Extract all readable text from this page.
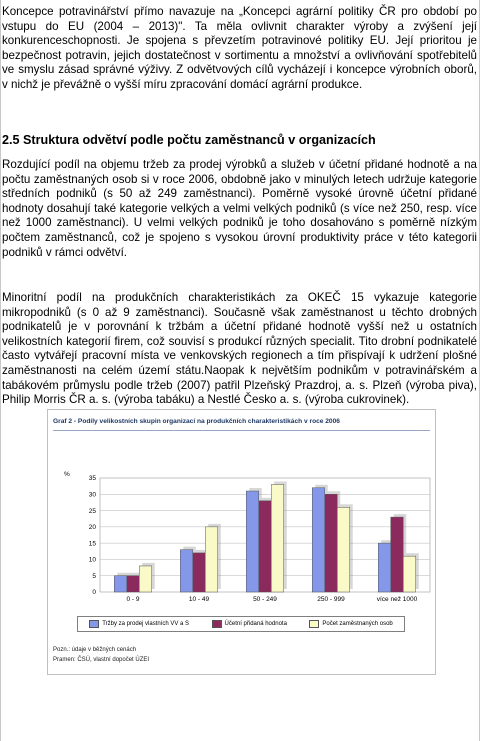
Koncepce potravinářství přímo navazuje na „Koncepci agrární politiky ČR pro období po vstupu do EU (2004 – 2013)". Ta měla ovlivnit charakter výroby a zvýšení její konkurenceschopnosti. Je spojena s převzetím potravinové politiky EU. Její prioritou je bezpečnost potravin, jejich dostatečnost v sortimentu a množství a ovlivňování spotřebitelů ve smyslu zásad správné výživy. Z odvětvových cílů vycházejí i koncepce výrobních oborů, v nichž je převážně o vyšší míru zpracování domácí agrární produkce.

2.5 Struktura odvětví podle počtu zaměstnanců v organizacích

Rozdující podíl na objemu tržeb za prodej výrobků a služeb v účetní přidané hodnotě a na počtu zaměstnaných osob si v roce 2006, obdobně jako v minulých letech udržuje kategorie středních podniků (s 50 až 249 zaměstnanci). Poměrně vysoké úrovně účetní přidané hodnoty dosahují také kategorie velkých a velmi velkých podniků (s více než 250, resp. více než 1000 zaměstnanci). U velmi velkých podniků je toho dosahováno s poměrně nízkým počtem zaměstnanců, což je spojeno s vysokou úrovní produktivity práce v této kategorii podniků v rámci odvětví.

Minoritní podíl na produkčních charakteristikách za OKEČ 15 vykazuje kategorie mikropodniků (s 0 až 9 zaměstnanci). Současně však zaměstnanost u těchto drobných podnikatelů je v porovnání k tržbám a účetní přidané hodnotě vyšší než u ostatních velikostních kategorií firem, což souvisí s produkcí různých specialit. Tito drobní podnikatelé často vytvářejí pracovní místa ve venkovských regionech a tím přispívají k udržení plošné zaměstnanosti na celém území státu.Naopak k největším podnikům v potravinářském a tabákovém průmyslu podle tržeb (2007) patřil Plzeňský Prazdroj, a. s. Plzeň (výroba piva), Philip Morris ČR a. s. (výroba tabáku) a Nestlé Česko a. s. (výroba cukrovinek).

Graf 2 - Podíly velikostních skupin organizací na produkčních charakteristikách v roce 2006
%
0
5
10
15
20
25
30
35
0 - 9	10 - 49	50 - 249	250 - 999	více než 1000
Tržby za prodej vlastních VV a S	Účetní přidaná hodnota	Počet zaměstnaných osob
Pozn.: údaje v běžných cenách
Pramen: ČSÚ, vlastní dopočet ÚZEI
